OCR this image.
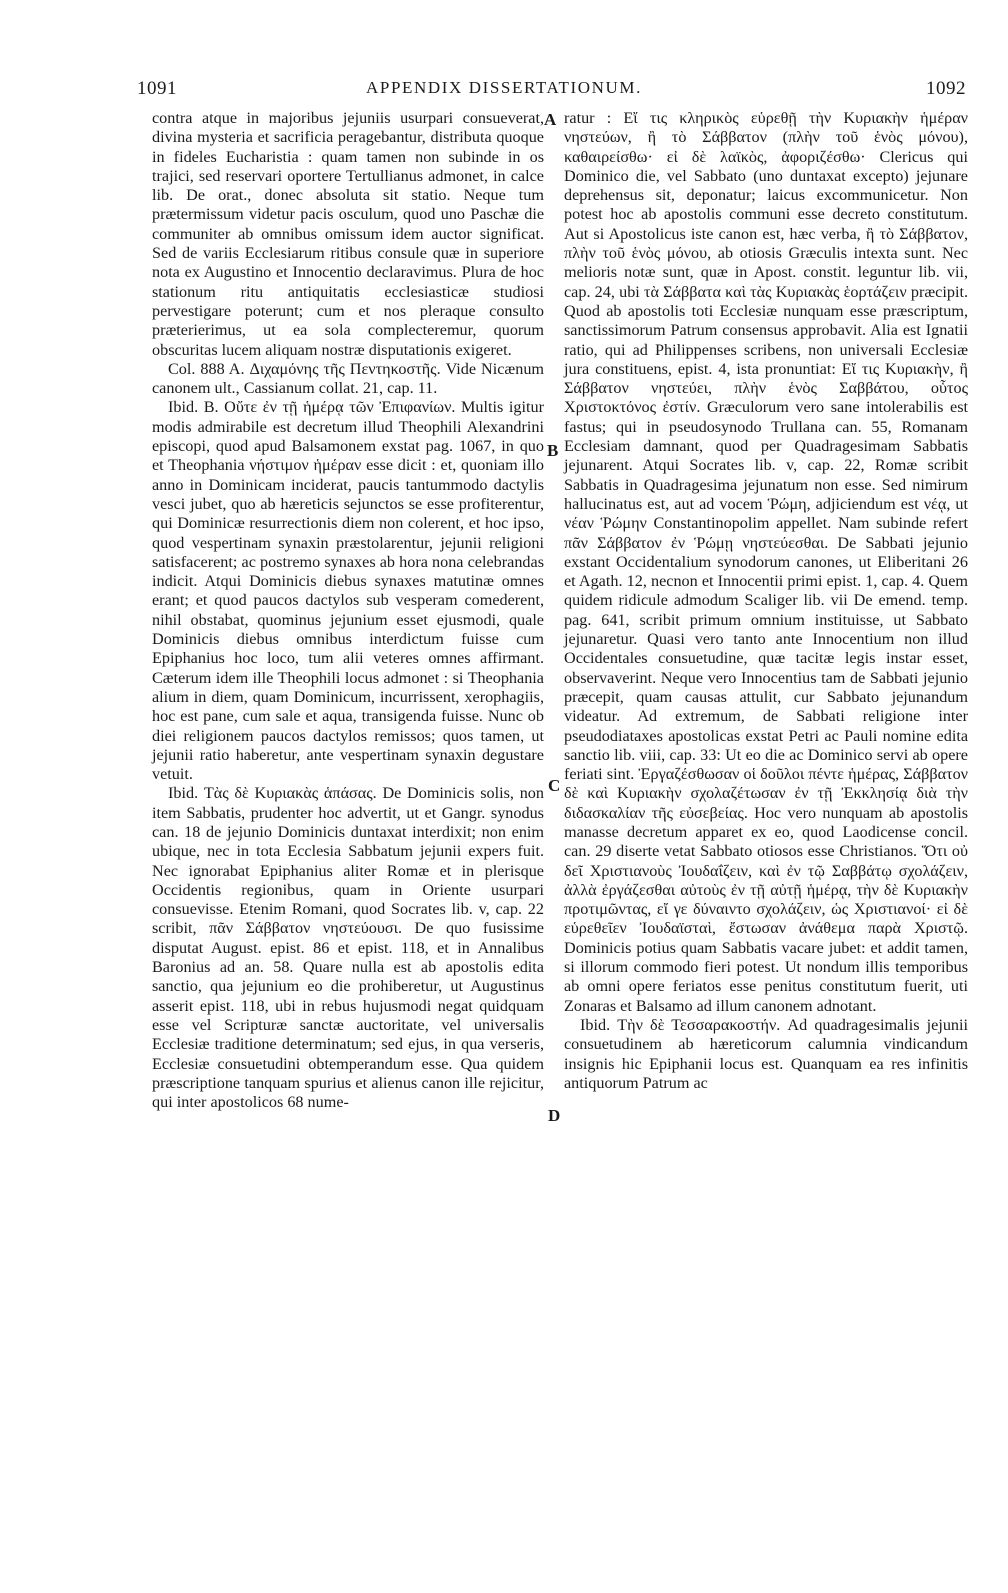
1091	APPENDIX DISSERTATIONUM.	1092

contra atque in majoribus jejuniis usurpari consueverat, divina mysteria et sacrificia peragebantur, distributa quoque in fideles Eucharistia : quam tamen non subinde in os trajici, sed reservari oportere Tertullianus admonet, in calce lib. De orat., donec absoluta sit statio. Neque tum prætermissum videtur pacis osculum, quod uno Paschæ die communiter ab omnibus omissum idem auctor significat. Sed de variis Ecclesiarum ritibus consule quæ in superiore nota ex Augustino et Innocentio declaravimus. Plura de hoc stationum ritu antiquitatis ecclesiasticæ studiosi pervestigare poterunt; cum et nos pleraque consulto præterierimus, ut ea sola complecteremur, quorum obscuritas lucem aliquam nostræ disputationis exigeret.

Col. 888 A. Διχαμόνης τῆς Πεντηκοστῆς. Vide Nicænum canonem ult., Cassianum collat. 21, cap. 11.

Ibid. B. Οὔτε ἐν τῇ ἡμέρᾳ τῶν Ἐπιφανίων. Multis igitur modis admirabile est decretum illud Theophili Alexandrini episcopi, quod apud Balsamonem exstat pag. 1067, in quo et Theophania νήστιμον ἡμέραν esse dicit : et, quoniam illo anno in Dominicam inciderat, paucis tantummodo dactylis vesci jubet, quo ab hæreticis sejunctos se esse profiterentur, qui Dominicæ resurrectionis diem non colerent, et hoc ipso, quod vespertinam synaxin præstolarentur, jejunii religioni satisfacerent; ac postremo synaxes ab hora nona celebrandas indicit. Atqui Dominicis diebus synaxes matutinæ omnes erant; et quod paucos dactylos sub vesperam comederent, nihil obstabat, quominus jejunium esset ejusmodi, quale Dominicis diebus omnibus interdictum fuisse cum Epiphanius hoc loco, tum alii veteres omnes affirmant. Cæterum idem ille Theophili locus admonet : si Theophania alium in diem, quam Dominicum, incurrissent, xerophagiis, hoc est pane, cum sale et aqua, transigenda fuisse. Nunc ob diei religionem paucos dactylos remissos; quos tamen, ut jejunii ratio haberetur, ante vespertinam synaxin degustare vetuit.

Ibid. Τὰς δὲ Κυριακὰς ἁπάσας. De Dominicis solis, non item Sabbatis, prudenter hoc advertit, ut et Gangr. synodus can. 18 de jejunio Dominicis duntaxat interdixit; non enim ubique, nec in tota Ecclesia Sabbatum jejunii expers fuit. Nec ignorabat Epiphanius aliter Romæ et in plerisque Occidentis regionibus, quam in Oriente usurpari consuevisse. Etenim Romani, quod Socrates lib. v, cap. 22 scribit, πᾶν Σάββατον νηστεύουσι. De quo fusissime disputat August. epist. 86 et epist. 118, et in Annalibus Baronius ad an. 58. Quare nulla est ab apostolis edita sanctio, qua jejunium eo die prohiberetur, ut Augustinus asserit epist. 118, ubi in rebus hujusmodi negat quidquam esse vel Scripturæ sanctæ auctoritate, vel universalis Ecclesiæ traditione determinatum; sed ejus, in qua verseris, Ecclesiæ consuetudini obtemperandum esse. Qua quidem præscriptione tanquam spurius et alienus canon ille rejicitur, qui inter apostolicos 68 nume-

A
B
C
D

ratur : Εἴ τις κληρικὸς εὑρεθῇ τὴν Κυριακὴν ἡμέραν νηστεύων, ἢ τὸ Σάββατον (πλὴν τοῦ ἑνὸς μόνου), καθαιρείσθω· εἰ δὲ λαϊκὸς, ἀφοριζέσθω· Clericus qui Dominico die, vel Sabbato (uno duntaxat excepto) jejunare deprehensus sit, deponatur; laicus excommunicetur. Non potest hoc ab apostolis communi esse decreto constitutum. Aut si Apostolicus iste canon est, hæc verba, ἢ τὸ Σάββατον, πλὴν τοῦ ἑνὸς μόνου, ab otiosis Græculis intexta sunt. Nec melioris notæ sunt, quæ in Apost. constit. leguntur lib. vii, cap. 24, ubi τὰ Σάββατα καὶ τὰς Κυριακὰς ἑορτάζειν præcipit. Quod ab apostolis toti Ecclesiæ nunquam esse præscriptum, sanctissimorum Patrum consensus approbavit. Alia est Ignatii ratio, qui ad Philippenses scribens, non universali Ecclesiæ jura constituens, epist. 4, ista pronuntiat: Εἴ τις Κυριακὴν, ἢ Σάββατον νηστεύει, πλὴν ἑνὸς Σαββάτου, οὗτος Χριστοκτόνος ἐστίν. Græculorum vero sane intolerabilis est fastus; qui in pseudosynodo Trullana can. 55, Romanam Ecclesiam damnant, quod per Quadragesimam Sabbatis jejunarent. Atqui Socrates lib. v, cap. 22, Romæ scribit Sabbatis in Quadragesima jejunatum non esse. Sed nimirum hallucinatus est, aut ad vocem Ῥώμη, adjiciendum est νέᾳ, ut νέαν Ῥώμην Constantinopolim appellet. Nam subinde refert πᾶν Σάββατον ἐν Ῥώμῃ νηστεύεσθαι. De Sabbati jejunio exstant Occidentalium synodorum canones, ut Eliberitani 26 et Agath. 12, necnon et Innocentii primi epist. 1, cap. 4. Quem quidem ridicule admodum Scaliger lib. vii De emend. temp. pag. 641, scribit primum omnium instituisse, ut Sabbato jejunaretur. Quasi vero tanto ante Innocentium non illud Occidentales consuetudine, quæ tacitæ legis instar esset, observaverint. Neque vero Innocentius tam de Sabbati jejunio præcepit, quam causas attulit, cur Sabbato jejunandum videatur. Ad extremum, de Sabbati religione inter pseudodiataxes apostolicas exstat Petri ac Pauli nomine edita sanctio lib. viii, cap. 33: Ut eo die ac Dominico servi ab opere feriati sint. Ἐργαζέσθωσαν οἱ δοῦλοι πέντε ἡμέρας, Σάββατον δὲ καὶ Κυριακὴν σχολαζέτωσαν ἐν τῇ Ἐκκλησίᾳ διὰ τὴν διδασκαλίαν τῆς εὐσεβείας. Hoc vero nunquam ab apostolis manasse decretum apparet ex eo, quod Laodicense concil. can. 29 diserte vetat Sabbato otiosos esse Christianos. Ὅτι οὐ δεῖ Χριστιανοὺς Ἰουδαΐζειν, καὶ ἐν τῷ Σαββάτῳ σχολάζειν, ἀλλὰ ἐργάζεσθαι αὐτοὺς ἐν τῇ αὐτῇ ἡμέρᾳ, τὴν δὲ Κυριακὴν προτιμῶντας, εἴ γε δύναιντο σχολάζειν, ὡς Χριστιανοί· εἰ δὲ εὑρεθεῖεν Ἰουδαϊσταὶ, ἔστωσαν ἀνάθεμα παρὰ Χριστῷ. Dominicis potius quam Sabbatis vacare jubet: et addit tamen, si illorum commodo fieri potest. Ut nondum illis temporibus ab omni opere feriatos esse penitus constitutum fuerit, uti Zonaras et Balsamo ad illum canonem adnotant.

Ibid. Τὴν δὲ Τεσσαρακοστήν. Ad quadragesimalis jejunii consuetudinem ab hæreticorum calumnia vindicandum insignis hic Epiphanii locus est. Quanquam ea res infinitis antiquorum Patrum ac
